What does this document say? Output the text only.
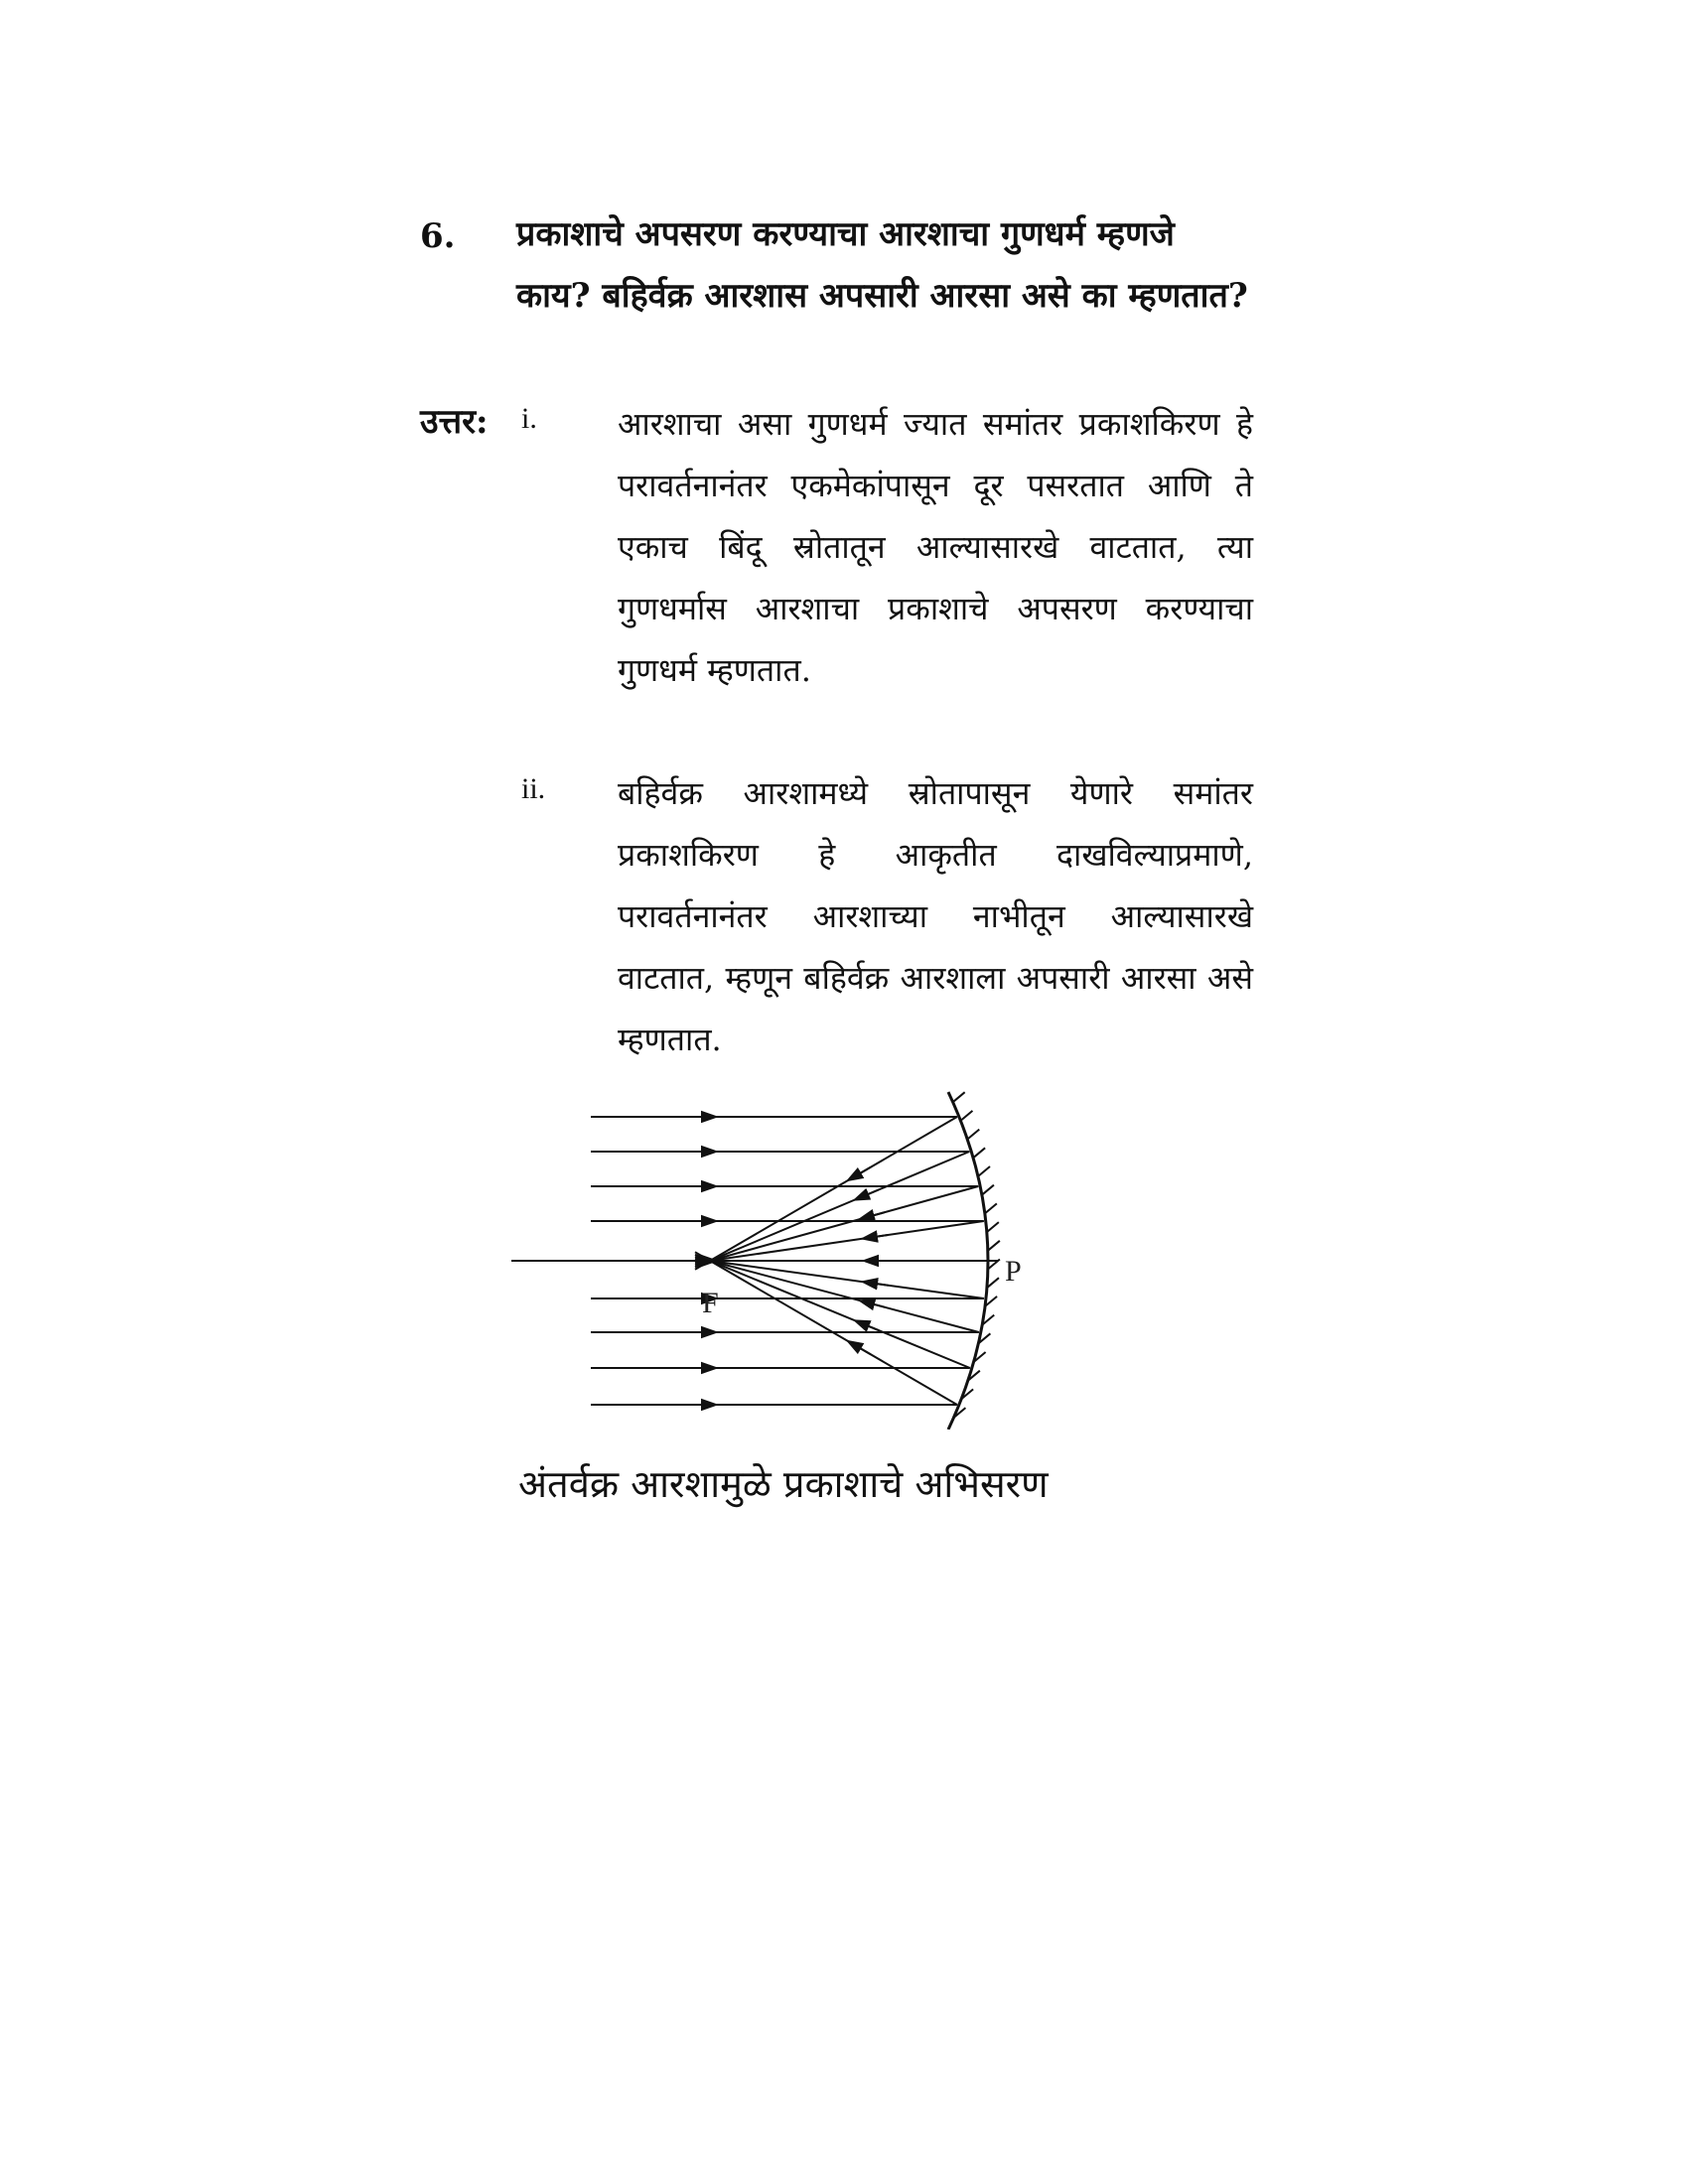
6. प्रकाशाचे अपसरण करण्याचा आरशाचा गुणधर्म म्हणजे काय? बहिर्वक्र आरशास अपसारी आरसा असे का म्हणतात?
उत्तर: i.	आरशाचा असा गुणधर्म ज्यात समांतर प्रकाशकिरण हे परावर्तनानंतर एकमेकांपासून दूर पसरतात आणि ते एकाच बिंदू स्रोतातून आल्यासारखे वाटतात, त्या गुणधर्मास आरशाचा प्रकाशाचे अपसरण करण्याचा गुणधर्म म्हणतात.
ii. बहिर्वक्र आरशामध्ये स्रोतापासून येणारे समांतर प्रकाशकिरण हे आकृतीत दाखविल्याप्रमाणे, परावर्तनानंतर आरशाच्या नाभीतून आल्यासारखे वाटतात, म्हणून बहिर्वक्र आरशाला अपसारी आरसा असे म्हणतात.
F
P
अंतर्वक्र आरशामुळे प्रकाशाचे अभिसरण
